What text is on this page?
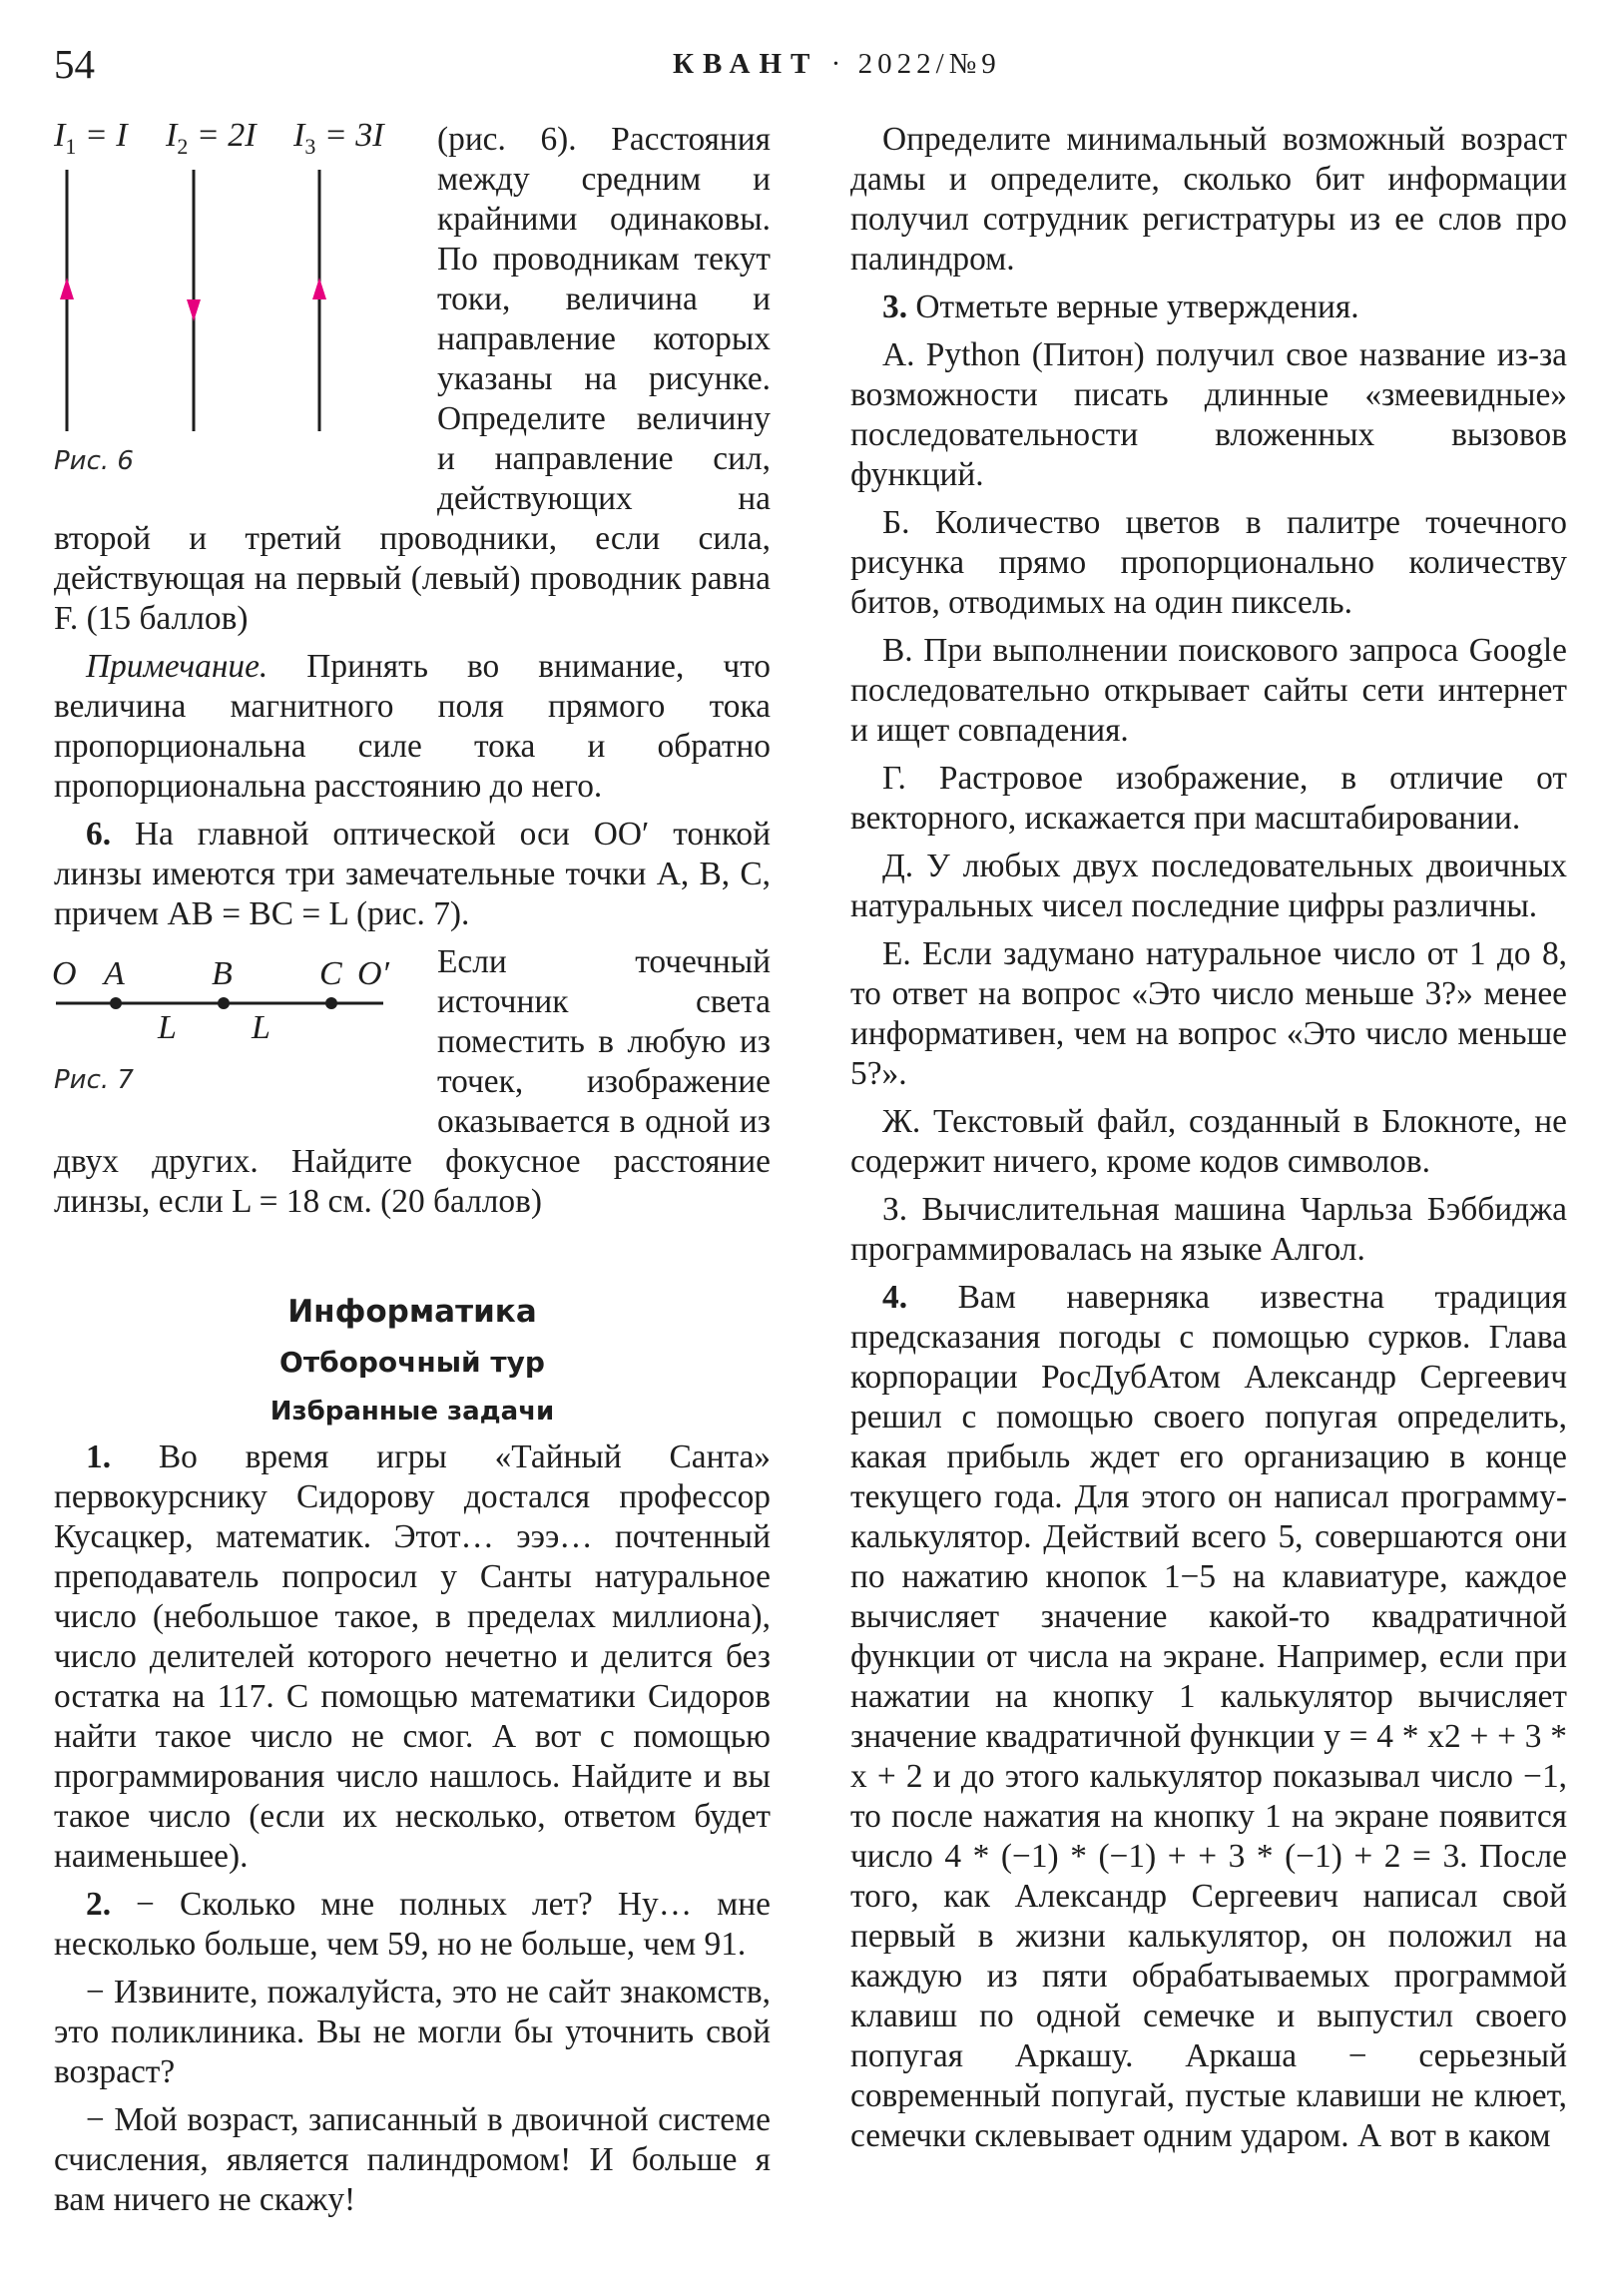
54	КВАНТ · 2022/№9
$I_1 = I$ $I_2 = 2I$ $I_3 = 3I$
Рис. 6

(рис. 6). Расстояния между средним и крайними одинаковы. По проводникам текут токи, величина и направление которых указаны на рисунке. Определите величину и направление сил, действующих на второй и третий проводники, если сила, действующая на первый (левый) проводник равна F. (15 баллов)

Примечание. Принять во внимание, что величина магнитного поля прямого тока пропорциональна силе тока и обратно пропорциональна расстоянию до него.

6. На главной оптической оси OO′ тонкой линзы имеются три замечательные точки A, B, C, причем AB = BC = L (рис. 7).

O A	B	C O′
L L
Рис. 7

Если точечный источник света поместить в любую из точек, изображение оказывается в одной из двух других. Найдите фокусное расстояние линзы, если L = 18 см. (20 баллов)

Информатика
Отборочный тур
Избранные задачи

1. Во время игры «Тайный Санта» первокурснику Сидорову достался профессор Кусацкер, математик. Этот… эээ… почтенный преподаватель попросил у Санты натуральное число (небольшое такое, в пределах миллиона), число делителей которого нечетно и делится без остатка на 117. С помощью математики Сидоров найти такое число не смог. А вот с помощью программирования число нашлось. Найдите и вы такое число (если их несколько, ответом будет наименьшее).

2. − Сколько мне полных лет? Ну… мне несколько больше, чем 59, но не больше, чем 91.

− Извините, пожалуйста, это не сайт знакомств, это поликлиника. Вы не могли бы уточнить свой возраст?

− Мой возраст, записанный в двоичной системе счисления, является палиндромом! И больше я вам ничего не скажу!

Определите минимальный возможный возраст дамы и определите, сколько бит информации получил сотрудник регистратуры из ее слов про палиндром.

3. Отметьте верные утверждения.

А. Python (Питон) получил свое название из-за возможности писать длинные «змеевидные» последовательности вложенных вызовов функций.

Б. Количество цветов в палитре точечного рисунка прямо пропорционально количеству битов, отводимых на один пиксель.

В. При выполнении поискового запроса Google последовательно открывает сайты сети интернет и ищет совпадения.

Г. Растровое изображение, в отличие от векторного, искажается при масштабировании.

Д. У любых двух последовательных двоичных натуральных чисел последние цифры различны.

Е. Если задумано натуральное число от 1 до 8, то ответ на вопрос «Это число меньше 3?» менее информативен, чем на вопрос «Это число меньше 5?».

Ж. Текстовый файл, созданный в Блокноте, не содержит ничего, кроме кодов символов.

З. Вычислительная машина Чарльза Бэббиджа программировалась на языке Алгол.

4. Вам наверняка известна традиция предсказания погоды с помощью сурков. Глава корпорации РосДубАтом Александр Сергеевич решил с помощью своего попугая определить, какая прибыль ждет его организацию в конце текущего года. Для этого он написал программу-калькулятор. Действий всего 5, совершаются они по нажатию кнопок 1−5 на клавиатуре, каждое вычисляет значение какой-то квадратичной функции от числа на экране. Например, если при нажатии на кнопку 1 калькулятор вычисляет значение квадратичной функции y = 4 * x2 + + 3 * x + 2 и до этого калькулятор показывал число −1, то после нажатия на кнопку 1 на экране появится число 4 * (−1) * (−1) + + 3 * (−1) + 2 = 3. После того, как Александр Сергеевич написал свой первый в жизни калькулятор, он положил на каждую из пяти обрабатываемых программой клавиш по одной семечке и выпустил своего попугая Аркашу. Аркаша − серьезный современный попугай, пустые клавиши не клюет, семечки склевывает одним ударом. А вот в каком
